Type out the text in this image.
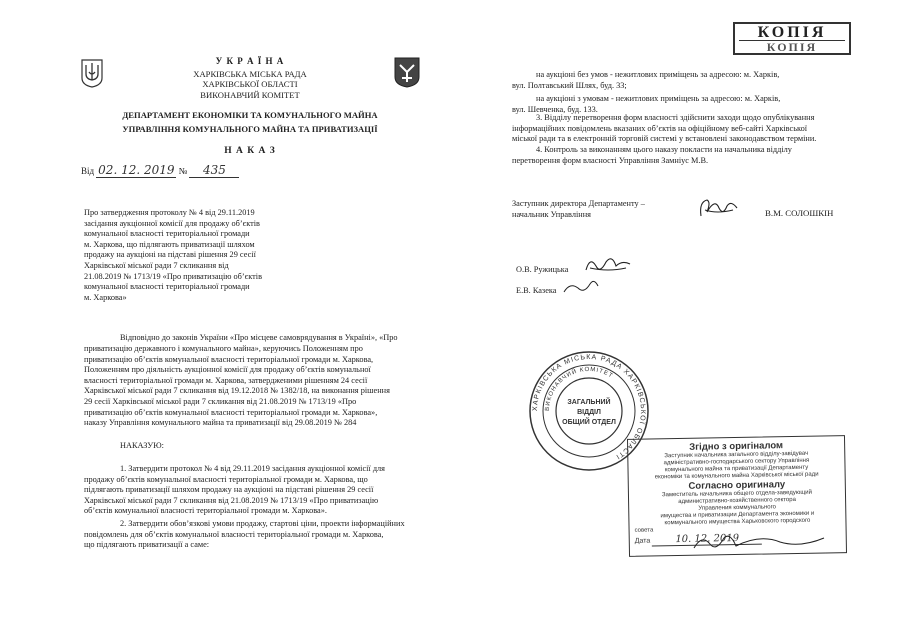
У К Р А Ї Н А
ХАРКІВСЬКА МІСЬКА РАДА
ХАРКІВСЬКОЇ ОБЛАСТІ
ВИКОНАВЧИЙ КОМІТЕТ
ДЕПАРТАМЕНТ ЕКОНОМІКИ ТА КОМУНАЛЬНОГО МАЙНА
УПРАВЛІННЯ КОМУНАЛЬНОГО МАЙНА ТА ПРИВАТИЗАЦІЇ
Н А К А З
Від 02. 12. 2019 № 435
Про затвердження протоколу № 4 від 29.11.2019
засідання аукціонної комісії для продажу об’єктів
комунальної власності територіальної громади
м. Харкова, що підлягають приватизації шляхом
продажу на аукціоні на підставі рішення 29 сесії
Харківської міської ради 7 скликання від
21.08.2019 № 1713/19 «Про приватизацію об’єктів
комунальної власності територіальної громади
м. Харкова»
Відповідно до законів України «Про місцеве самоврядування в Україні», «Про
приватизацію державного і комунального майна», керуючись Положенням про
приватизацію об’єктів комунальної власності територіальної громади м. Харкова,
Положенням про діяльність аукціонної комісії для продажу об’єктів комунальної
власності територіальної громади м. Харкова, затвердженими рішенням 24 сесії
Харківської міської ради 7 скликання від 19.12.2018 № 1382/18, на виконання рішення
29 сесії Харківської міської ради 7 скликання від 21.08.2019 № 1713/19 «Про
приватизацію об’єктів комунальної власності територіальної громади м. Харкова»,
наказу Управління комунального майна та приватизації від 29.08.2019 № 284
НАКАЗУЮ:
1. Затвердити протокол № 4 від 29.11.2019 засідання аукціонної комісії для
продажу об’єктів комунальної власності територіальної громади м. Харкова, що
підлягають приватизації шляхом продажу на аукціоні на підставі рішення 29 сесії
Харківської міської ради 7 скликання від 21.08.2019 № 1713/19 «Про приватизацію
об’єктів комунальної власності територіальної громади м. Харкова».
2. Затвердити обов’язкові умови продажу, стартові ціни, проекти інформаційних
повідомлень для об’єктів комунальної власності територіальної громади м. Харкова,
що підлягають приватизації а саме:
КОПІЯ
КОПІЯ
на аукціоні без умов - нежитлових приміщень за адресою: м. Харків,
вул. Полтавський Шлях, буд. 33;
на аукціоні з умовам - нежитлових приміщень за адресою: м. Харків,
вул. Шевченка, буд. 133.
3. Відділу перетворення форм власності здійснити заходи щодо опублікування
інформаційних повідомлень вказаних об’єктів на офіційному веб-сайті Харківської
міської ради та в електронній торговій системі у встановлені законодавством терміни.
4. Контроль за виконанням цього наказу покласти на начальника відділу
перетворення форм власності Управління Замніус М.В.
Заступник директора Департаменту –
начальник Управління	В.М. СОЛОШКІН
О.В. Ружицька
Е.В. Казека
ХАРКІВСЬКА МІСЬКА РАДА ХАРКІВСЬКОЇ ОБЛАСТІ
ВИКОНАВЧИЙ КОМІТЕТ
ЗАГАЛЬНИЙ
ВІДДІЛ
ОБЩИЙ ОТДЕЛ
Згідно з оригіналом
Заступник начальника загального відділу-завідувач
адміністративно-господарського сектору Управління
комунального майна та приватизації Департаменту
економіки та комунального майна Харківської міської ради
Согласно оригиналу
Заместитель начальника общего отдела-заведующий
административно-хозяйственного сектора
Управления коммунального
имущества и приватизации Департамента экономики и
коммунального имущества Харьковского городского
совета
Дата 10. 12. 2019
